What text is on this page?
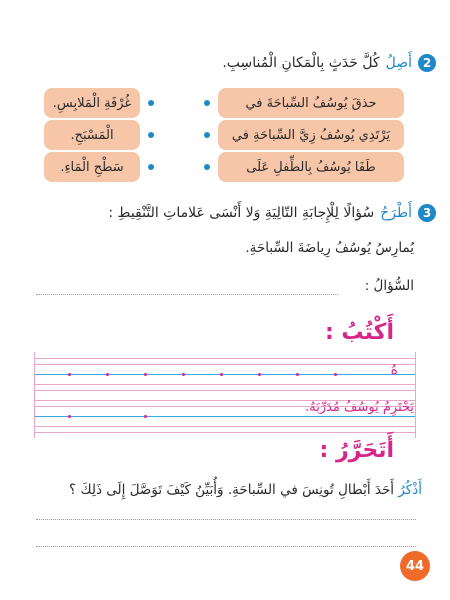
2
أَصِلُ
كُلَّ حَدَثٍ بِالْمَكانِ الْمُناسِبِ.
حذقَ يُوسُفُ السِّباحَةَ في
يَرْتَدِي يُوسُفُ زِيَّ السِّباحَةِ في
طَفَا يُوسُفُ بِالطِّفلِ عَلَى
غُرْفَةِ الْمَلابِسِ.
الْمَسْبَحِ.
سَطْحِ الْمَاءِ.
3
أَطْرَحُ
سُؤالًا لِلْإِجابَةِ التّالِيَةِ وَلا أَنْسَى عَلاماتِ التَّنْقِيطِ :
يُمارِسُ يُوسُفُ رِياضَةَ السِّباحَةِ.
السُّؤالُ :
أَكْتُبُ :
هُ
يَحْتَرِمُ يُوسُفُ مُدَرِّبَهُ.
أَتَحَرَّرُ :
أَذْكُرُ أَحَدَ أَبْطالِ تُونِسَ في السِّباحَةِ. وَأُبَيِّنُ كَيْفَ تَوَصَّلَ إِلَى ذَلِكَ ؟
44
